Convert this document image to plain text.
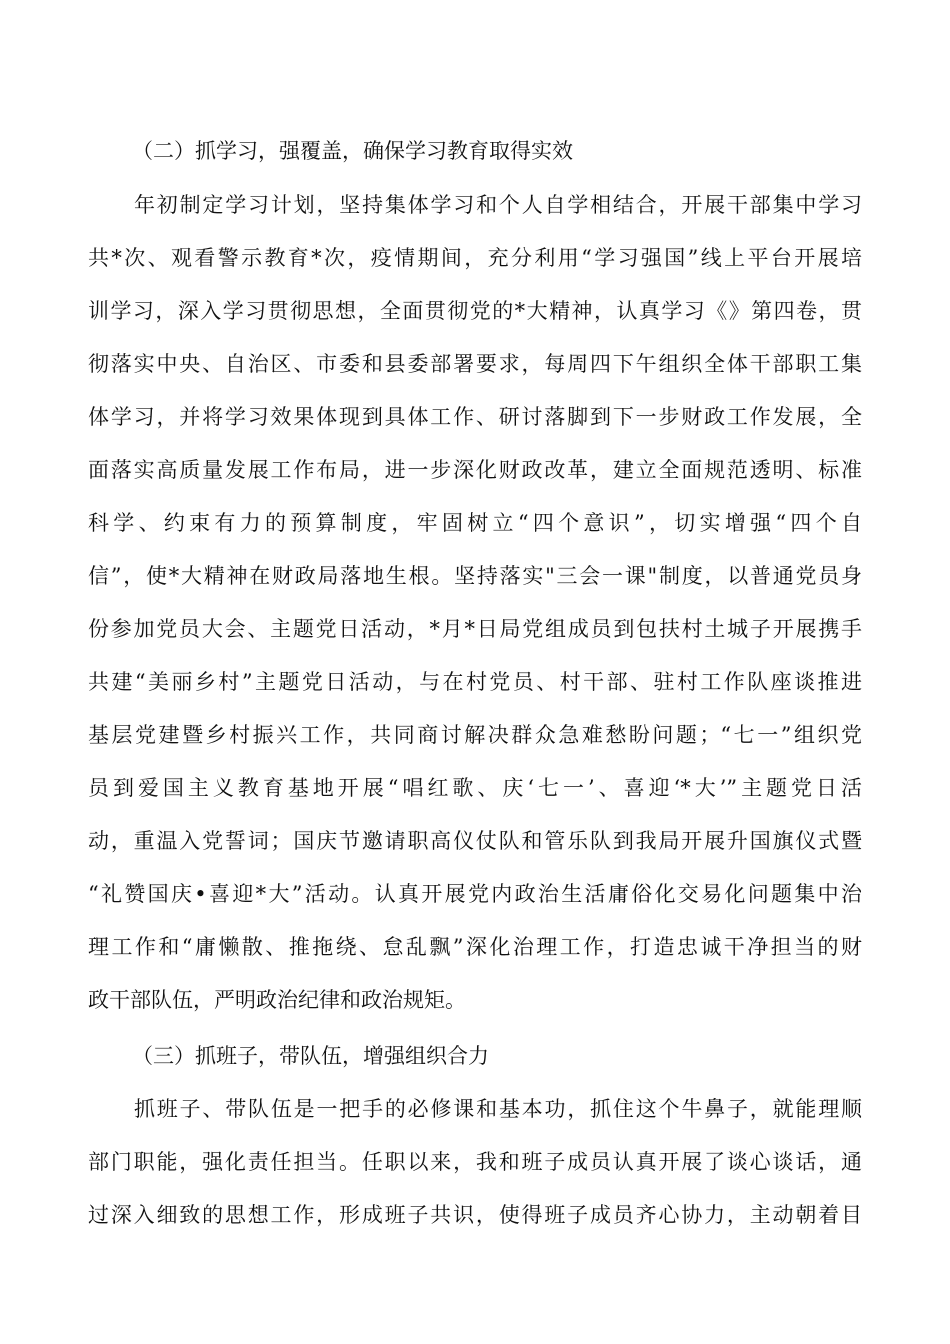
（二）抓学习，强覆盖，确保学习教育取得实效
年初制定学习计划，坚持集体学习和个人自学相结合，开展干部集中学习
共*次、观看警示教育*次，疫情期间，充分利用“学习强国”线上平台开展培
训学习，深入学习贯彻思想，全面贯彻党的*大精神，认真学习《》第四卷，贯
彻落实中央、自治区、市委和县委部署要求，每周四下午组织全体干部职工集
体学习，并将学习效果体现到具体工作、研讨落脚到下一步财政工作发展，全
面落实高质量发展工作布局，进一步深化财政改革，建立全面规范透明、标准
科学、约束有力的预算制度，牢固树立“四个意识”，切实增强“四个自
信”，使*大精神在财政局落地生根。坚持落实"三会一课"制度，以普通党员身
份参加党员大会、主题党日活动，*月*日局党组成员到包扶村土城子开展携手
共建“美丽乡村”主题党日活动，与在村党员、村干部、驻村工作队座谈推进
基层党建暨乡村振兴工作，共同商讨解决群众急难愁盼问题；“七一”组织党
员到爱国主义教育基地开展“唱红歌、庆‘七一’、喜迎‘*大’”主题党日活
动，重温入党誓词；国庆节邀请职高仪仗队和管乐队到我局开展升国旗仪式暨
“礼赞国庆•喜迎*大”活动。认真开展党内政治生活庸俗化交易化问题集中治
理工作和“庸懒散、推拖绕、怠乱飘”深化治理工作，打造忠诚干净担当的财
政干部队伍，严明政治纪律和政治规矩。
（三）抓班子，带队伍，增强组织合力
抓班子、带队伍是一把手的必修课和基本功，抓住这个牛鼻子，就能理顺
部门职能，强化责任担当。任职以来，我和班子成员认真开展了谈心谈话，通
过深入细致的思想工作，形成班子共识，使得班子成员齐心协力，主动朝着目
